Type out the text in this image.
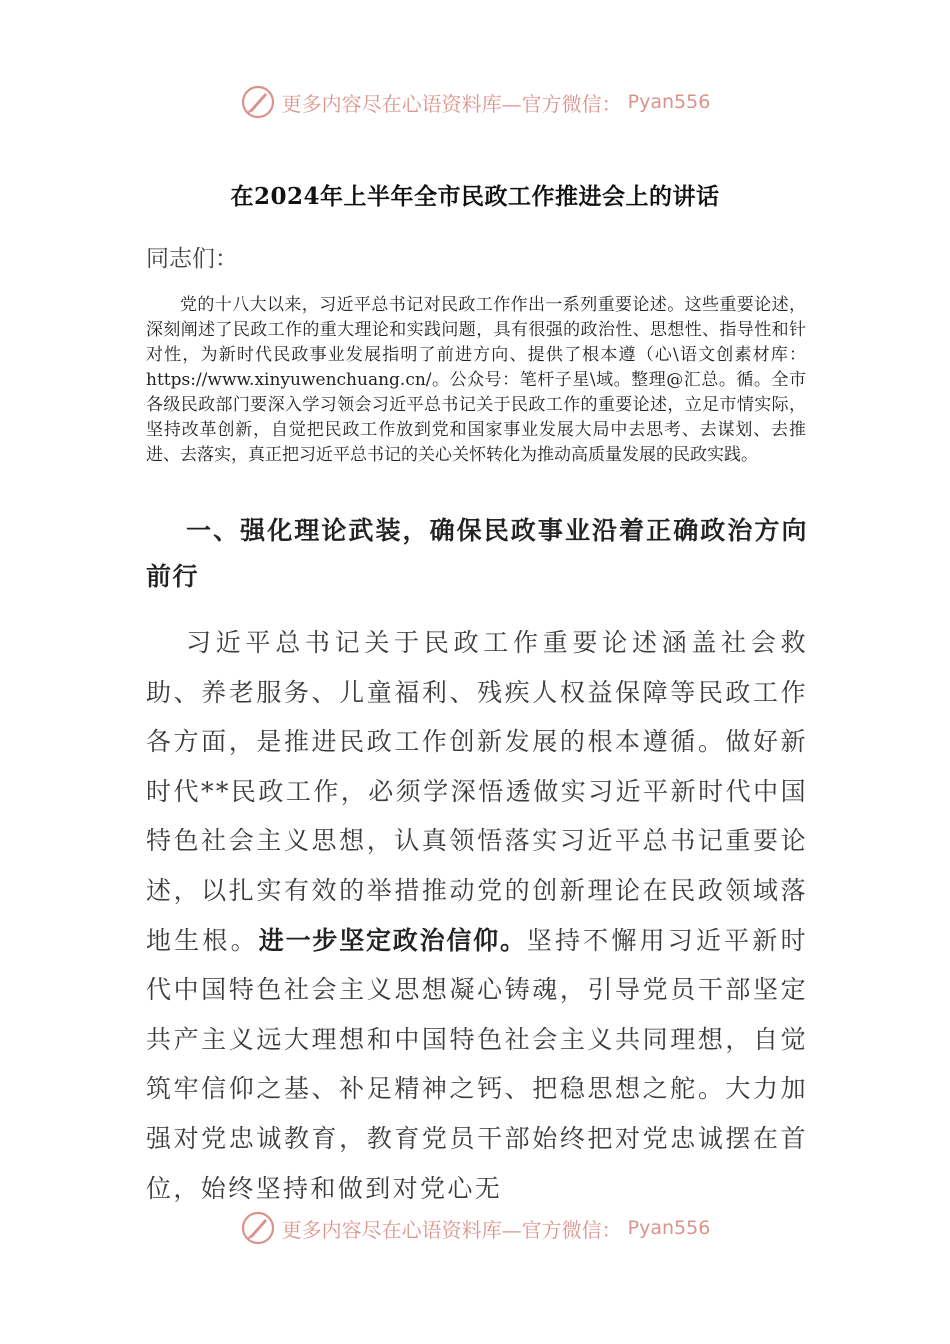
更多内容尽在心语资料库—官方微信： Pyan556
在2024年上半年全市民政工作推进会上的讲话
同志们：

党的十八大以来，习近平总书记对民政工作作出一系列重要论述。这些重要论述，深刻阐述了民政工作的重大理论和实践问题，具有很强的政治性、思想性、指导性和针对性，为新时代民政事业发展指明了前进方向、提供了根本遵（心\语文创素材库：https://www.xinyuwenchuang.cn/。公众号：笔杆子星\域。整理@汇总。循。全市各级民政部门要深入学习领会习近平总书记关于民政工作的重要论述，立足市情实际，坚持改革创新，自觉把民政工作放到党和国家事业发展大局中去思考、去谋划、去推进、去落实，真正把习近平总书记的关心关怀转化为推动高质量发展的民政实践。

一、强化理论武装，确保民政事业沿着正确政治方向前行

习近平总书记关于民政工作重要论述涵盖社会救助、养老服务、儿童福利、残疾人权益保障等民政工作各方面，是推进民政工作创新发展的根本遵循。做好新时代**民政工作，必须学深悟透做实习近平新时代中国特色社会主义思想，认真领悟落实习近平总书记重要论述，以扎实有效的举措推动党的创新理论在民政领域落地生根。进一步坚定政治信仰。坚持不懈用习近平新时代中国特色社会主义思想凝心铸魂，引导党员干部坚定共产主义远大理想和中国特色社会主义共同理想，自觉筑牢信仰之基、补足精神之钙、把稳思想之舵。大力加强对党忠诚教育，教育党员干部始终把对党忠诚摆在首位，始终坚持和做到对党心无

更多内容尽在心语资料库—官方微信： Pyan556
